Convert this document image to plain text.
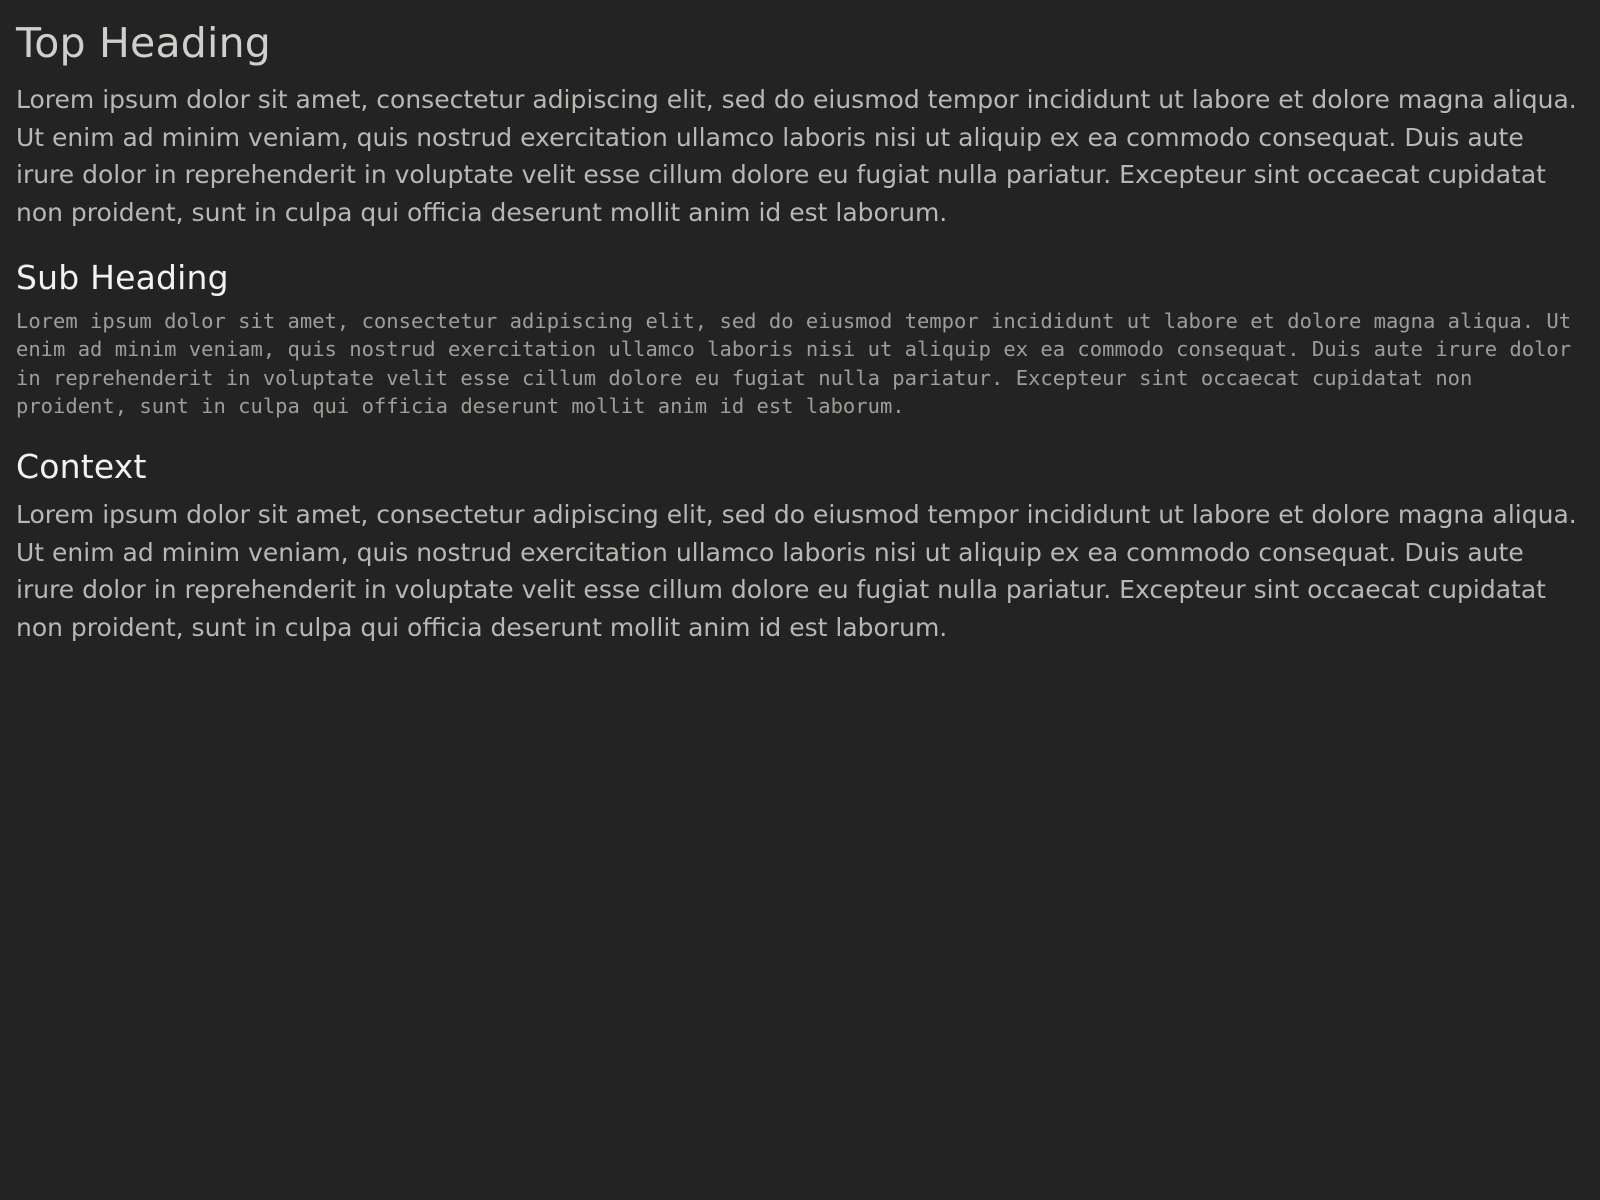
Top Heading

Lorem ipsum dolor sit amet, consectetur adipiscing elit, sed do eiusmod tempor incididunt ut labore et dolore magna aliqua. Ut enim ad minim veniam, quis nostrud exercitation ullamco laboris nisi ut aliquip ex ea commodo consequat. Duis aute irure dolor in reprehenderit in voluptate velit esse cillum dolore eu fugiat nulla pariatur. Excepteur sint occaecat cupidatat non proident, sunt in culpa qui officia deserunt mollit anim id est laborum.

Sub Heading
Lorem ipsum dolor sit amet, consectetur adipiscing elit, sed do eiusmod tempor incididunt ut labore et dolore magna aliqua. Ut enim ad minim veniam, quis nostrud exercitation ullamco laboris nisi ut aliquip ex ea commodo consequat. Duis aute irure dolor in reprehenderit in voluptate velit esse cillum dolore eu fugiat nulla pariatur. Excepteur sint occaecat cupidatat non proident, sunt in culpa qui officia deserunt mollit anim id est laborum.
Context

Lorem ipsum dolor sit amet, consectetur adipiscing elit, sed do eiusmod tempor incididunt ut labore et dolore magna aliqua. Ut enim ad minim veniam, quis nostrud exercitation ullamco laboris nisi ut aliquip ex ea commodo consequat. Duis aute irure dolor in reprehenderit in voluptate velit esse cillum dolore eu fugiat nulla pariatur. Excepteur sint occaecat cupidatat non proident, sunt in culpa qui officia deserunt mollit anim id est laborum.
